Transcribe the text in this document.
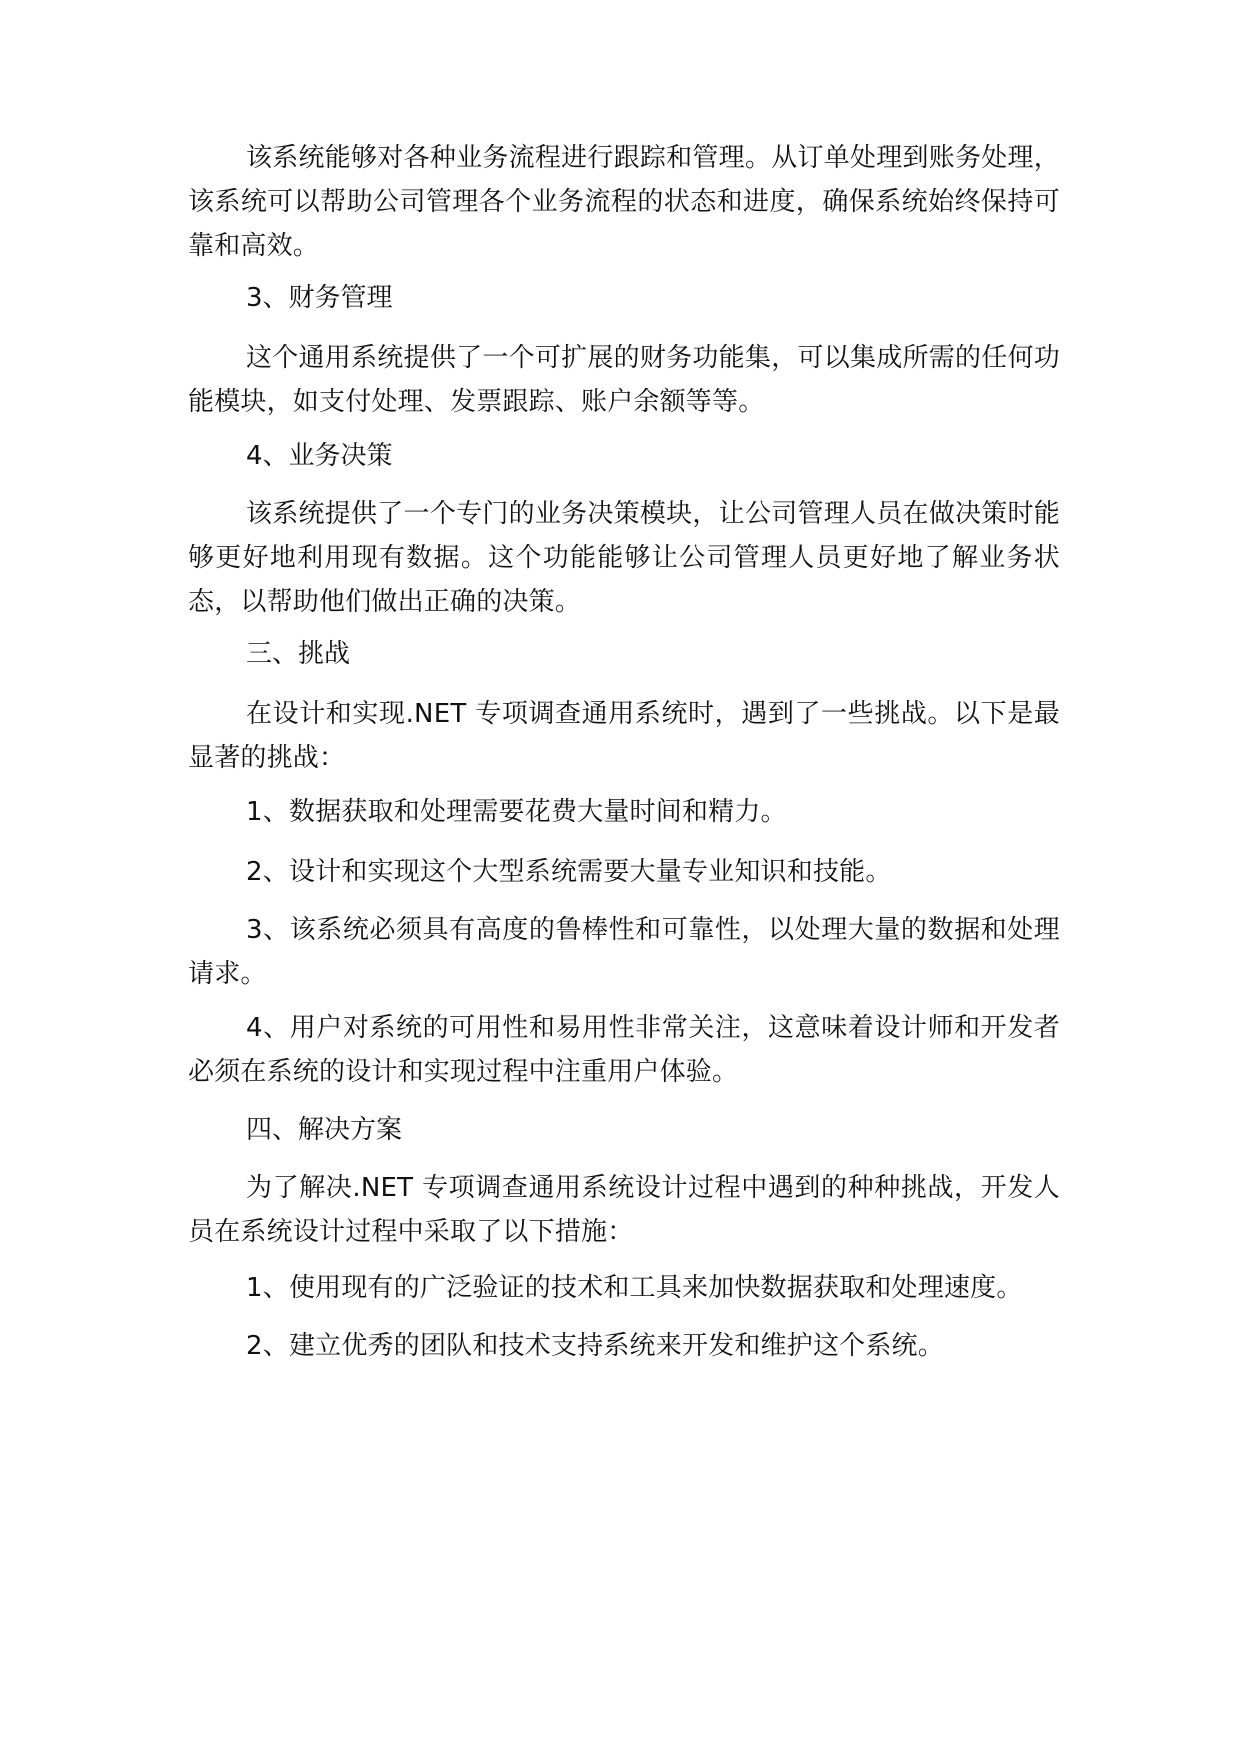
该系统能够对各种业务流程进行跟踪和管理。从订单处理到账务处理，该系统可以帮助公司管理各个业务流程的状态和进度，确保系统始终保持可靠和高效。

3、财务管理

这个通用系统提供了一个可扩展的财务功能集，可以集成所需的任何功能模块，如支付处理、发票跟踪、账户余额等等。

4、业务决策

该系统提供了一个专门的业务决策模块，让公司管理人员在做决策时能够更好地利用现有数据。这个功能能够让公司管理人员更好地了解业务状态，以帮助他们做出正确的决策。

三、挑战

在设计和实现.NET 专项调查通用系统时，遇到了一些挑战。以下是最显著的挑战：

1、数据获取和处理需要花费大量时间和精力。

2、设计和实现这个大型系统需要大量专业知识和技能。

3、该系统必须具有高度的鲁棒性和可靠性，以处理大量的数据和处理请求。

4、用户对系统的可用性和易用性非常关注，这意味着设计师和开发者必须在系统的设计和实现过程中注重用户体验。

四、解决方案

为了解决.NET 专项调查通用系统设计过程中遇到的种种挑战，开发人员在系统设计过程中采取了以下措施：

1、使用现有的广泛验证的技术和工具来加快数据获取和处理速度。

2、建立优秀的团队和技术支持系统来开发和维护这个系统。
